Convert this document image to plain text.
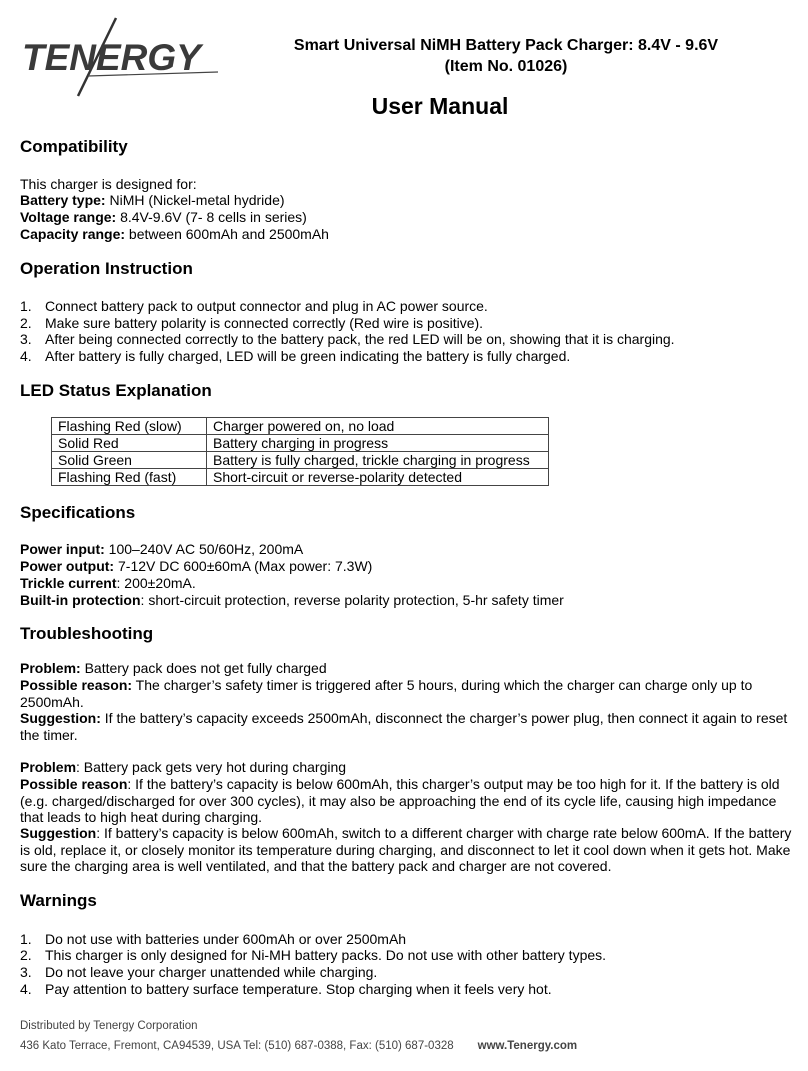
TENERGY	Smart Universal NiMH Battery Pack Charger: 8.4V - 9.6V
(Item No. 01026)
User Manual
Compatibility
This charger is designed for:
Battery type: NiMH (Nickel-metal hydride)
Voltage range: 8.4V-9.6V (7- 8 cells in series)
Capacity range: between 600mAh and 2500mAh
Operation Instruction
1. Connect battery pack to output connector and plug in AC power source.
2. Make sure battery polarity is connected correctly (Red wire is positive).
3. After being connected correctly to the battery pack, the red LED will be on, showing that it is charging.
4. After battery is fully charged, LED will be green indicating the battery is fully charged.
LED Status Explanation
Flashing Red (slow)	Charger powered on, no load
Solid Red	Battery charging in progress
Solid Green	Battery is fully charged, trickle charging in progress
Flashing Red (fast)	Short-circuit or reverse-polarity detected
Specifications
Power input: 100–240V AC 50/60Hz, 200mA
Power output: 7-12V DC 600±60mA (Max power: 7.3W)
Trickle current: 200±20mA.
Built-in protection: short-circuit protection, reverse polarity protection, 5-hr safety timer
Troubleshooting
Problem: Battery pack does not get fully charged
Possible reason: The charger’s safety timer is triggered after 5 hours, during which the charger can charge only up to 2500mAh.
Suggestion: If the battery’s capacity exceeds 2500mAh, disconnect the charger’s power plug, then connect it again to reset the timer.
Problem: Battery pack gets very hot during charging
Possible reason: If the battery’s capacity is below 600mAh, this charger’s output may be too high for it. If the battery is old (e.g. charged/discharged for over 300 cycles), it may also be approaching the end of its cycle life, causing high impedance that leads to high heat during charging.
Suggestion: If battery’s capacity is below 600mAh, switch to a different charger with charge rate below 600mA. If the battery is old, replace it, or closely monitor its temperature during charging, and disconnect to let it cool down when it gets hot. Make sure the charging area is well ventilated, and that the battery pack and charger are not covered.
Warnings
1. Do not use with batteries under 600mAh or over 2500mAh
2. This charger is only designed for Ni-MH battery packs. Do not use with other battery types.
3. Do not leave your charger unattended while charging.
4. Pay attention to battery surface temperature. Stop charging when it feels very hot.
Distributed by Tenergy Corporation
436 Kato Terrace, Fremont, CA94539, USA Tel: (510) 687-0388, Fax: (510) 687-0328 www.Tenergy.com
